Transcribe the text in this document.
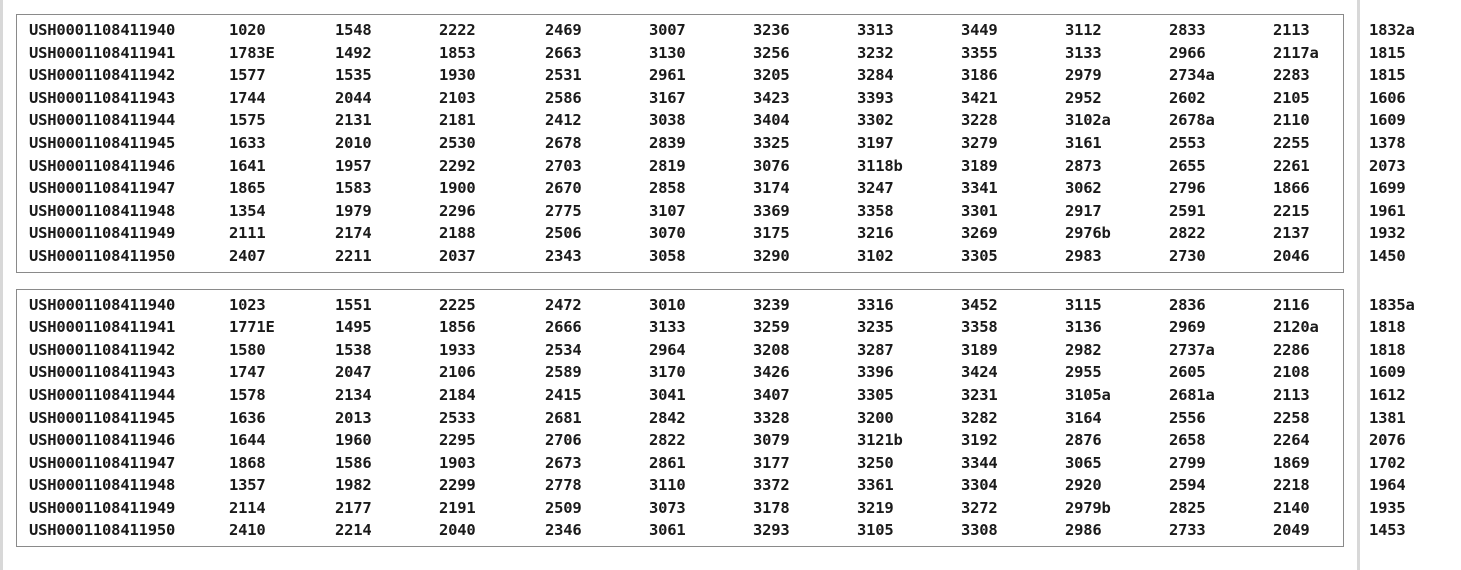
USH0001108411940	1020	1548	2222	2469	3007	3236	3313	3449	3112	2833	2113	1832a
USH0001108411941	1783E	1492	1853	2663	3130	3256	3232	3355	3133	2966	2117a	1815
USH0001108411942	1577	1535	1930	2531	2961	3205	3284	3186	2979	2734a	2283	1815
USH0001108411943	1744	2044	2103	2586	3167	3423	3393	3421	2952	2602	2105	1606
USH0001108411944	1575	2131	2181	2412	3038	3404	3302	3228	3102a	2678a	2110	1609
USH0001108411945	1633	2010	2530	2678	2839	3325	3197	3279	3161	2553	2255	1378
USH0001108411946	1641	1957	2292	2703	2819	3076	3118b	3189	2873	2655	2261	2073
USH0001108411947	1865	1583	1900	2670	2858	3174	3247	3341	3062	2796	1866	1699
USH0001108411948	1354	1979	2296	2775	3107	3369	3358	3301	2917	2591	2215	1961
USH0001108411949	2111	2174	2188	2506	3070	3175	3216	3269	2976b	2822	2137	1932
USH0001108411950	2407	2211	2037	2343	3058	3290	3102	3305	2983	2730	2046	1450
USH0001108411940	1023	1551	2225	2472	3010	3239	3316	3452	3115	2836	2116	1835a
USH0001108411941	1771E	1495	1856	2666	3133	3259	3235	3358	3136	2969	2120a	1818
USH0001108411942	1580	1538	1933	2534	2964	3208	3287	3189	2982	2737a	2286	1818
USH0001108411943	1747	2047	2106	2589	3170	3426	3396	3424	2955	2605	2108	1609
USH0001108411944	1578	2134	2184	2415	3041	3407	3305	3231	3105a	2681a	2113	1612
USH0001108411945	1636	2013	2533	2681	2842	3328	3200	3282	3164	2556	2258	1381
USH0001108411946	1644	1960	2295	2706	2822	3079	3121b	3192	2876	2658	2264	2076
USH0001108411947	1868	1586	1903	2673	2861	3177	3250	3344	3065	2799	1869	1702
USH0001108411948	1357	1982	2299	2778	3110	3372	3361	3304	2920	2594	2218	1964
USH0001108411949	2114	2177	2191	2509	3073	3178	3219	3272	2979b	2825	2140	1935
USH0001108411950	2410	2214	2040	2346	3061	3293	3105	3308	2986	2733	2049	1453
